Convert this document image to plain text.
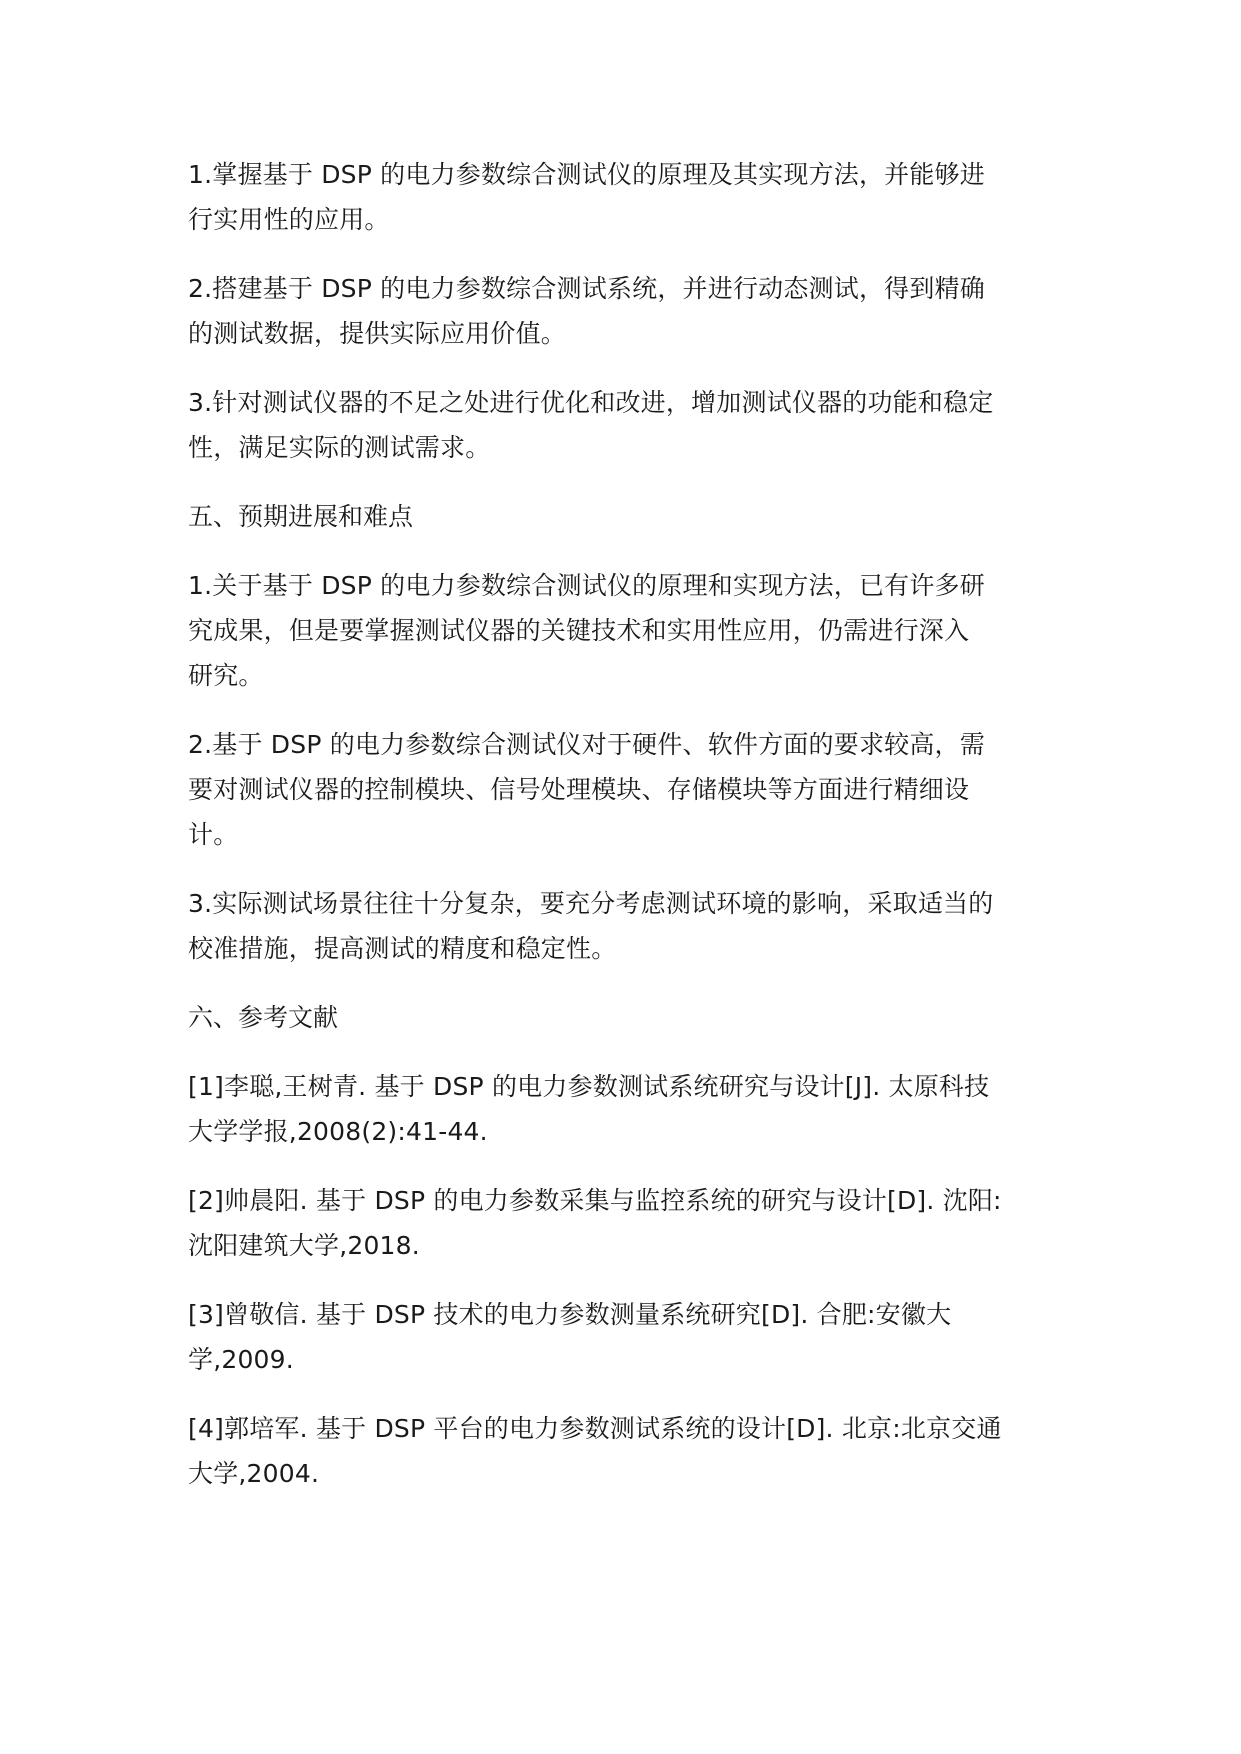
1.掌握基于 DSP 的电力参数综合测试仪的原理及其实现方法，并能够进
行实用性的应用。

2.搭建基于 DSP 的电力参数综合测试系统，并进行动态测试，得到精确
的测试数据，提供实际应用价值。

3.针对测试仪器的不足之处进行优化和改进，增加测试仪器的功能和稳定
性，满足实际的测试需求。

五、预期进展和难点

1.关于基于 DSP 的电力参数综合测试仪的原理和实现方法，已有许多研
究成果，但是要掌握测试仪器的关键技术和实用性应用，仍需进行深入
研究。

2.基于 DSP 的电力参数综合测试仪对于硬件、软件方面的要求较高，需
要对测试仪器的控制模块、信号处理模块、存储模块等方面进行精细设
计。

3.实际测试场景往往十分复杂，要充分考虑测试环境的影响，采取适当的
校准措施，提高测试的精度和稳定性。

六、参考文献

[1]李聪,王树青. 基于 DSP 的电力参数测试系统研究与设计[J]. 太原科技
大学学报,2008(2):41-44.

[2]帅晨阳. 基于 DSP 的电力参数采集与监控系统的研究与设计[D]. 沈阳:
沈阳建筑大学,2018.

[3]曾敬信. 基于 DSP 技术的电力参数测量系统研究[D]. 合肥:安徽大
学,2009.

[4]郭培军. 基于 DSP 平台的电力参数测试系统的设计[D]. 北京:北京交通
大学,2004.
